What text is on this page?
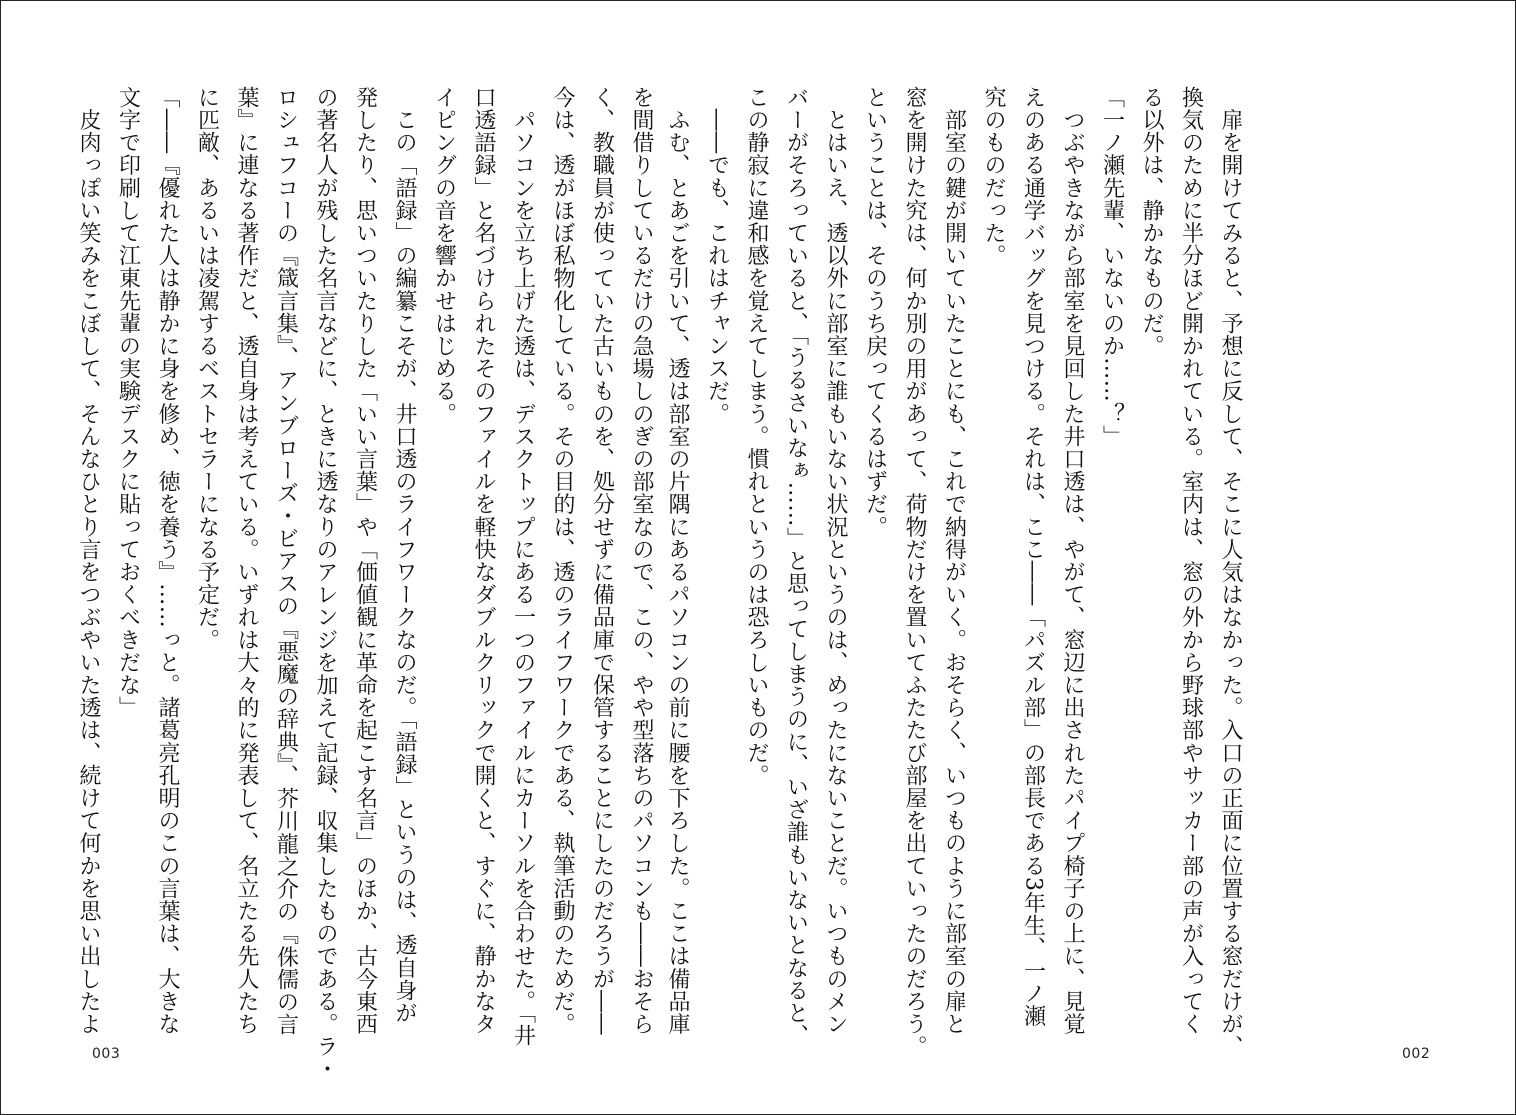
　扉を開けてみると、予想に反して、そこに人気はなかった。入口の正面に位置する窓だけが、
換気のために半分ほど開かれている。室内は、窓の外から野球部やサッカー部の声が入ってく
る以外は、静かなものだ。
「一ノ瀬先輩、いないのか……？」
　つぶやきながら部室を見回した井口透は、やがて、窓辺に出されたパイプ椅子の上に、見覚
えのある通学バッグを見つける。それは、ここ――「パズル部」の部長である3年生、一ノ瀬
究のものだった。
　部室の鍵が開いていたことにも、これで納得がいく。おそらく、いつものように部室の扉と
窓を開けた究は、何か別の用があって、荷物だけを置いてふたたび部屋を出ていったのだろう。
ということは、そのうち戻ってくるはずだ。
　とはいえ、透以外に部室に誰もいない状況というのは、めったにないことだ。いつものメン
バーがそろっていると、「うるさいなぁ……」と思ってしまうのに、いざ誰もいないとなると、
この静寂に違和感を覚えてしまう。慣れというのは恐ろしいものだ。
　――でも、これはチャンスだ。
　ふむ、とあごを引いて、透は部室の片隅にあるパソコンの前に腰を下ろした。ここは備品庫
を間借りしているだけの急場しのぎの部室なので、この、やや型落ちのパソコンも――おそら
く、教職員が使っていた古いものを、処分せずに備品庫で保管することにしたのだろうが――
今は、透がほぼ私物化している。その目的は、透のライフワークである、執筆活動のためだ。
　パソコンを立ち上げた透は、デスクトップにある一つのファイルにカーソルを合わせた。「井
口透語録」と名づけられたそのファイルを軽快なダブルクリックで開くと、すぐに、静かなタ
イピングの音を響かせはじめる。
　この「語録」の編纂こそが、井口透のライフワークなのだ。「語録」というのは、透自身が
発したり、思いついたりした「いい言葉」や「価値観に革命を起こす名言」のほか、古今東西
の著名人が残した名言などに、ときに透なりのアレンジを加えて記録、収集したものである。ラ・
ロシュフコーの『箴言集』、アンブローズ・ビアスの『悪魔の辞典』、芥川龍之介の『侏儒の言
葉』に連なる著作だと、透自身は考えている。いずれは大々的に発表して、名立たる先人たち
に匹敵、あるいは凌駕するベストセラーになる予定だ。
「――『優れた人は静かに身を修め、徳を養う』……っと。諸葛亮孔明のこの言葉は、大きな
文字で印刷して江東先輩の実験デスクに貼っておくべきだな」
　皮肉っぽい笑みをこぼして、そんなひとり言をつぶやいた透は、続けて何かを思い出したよ
003	002
